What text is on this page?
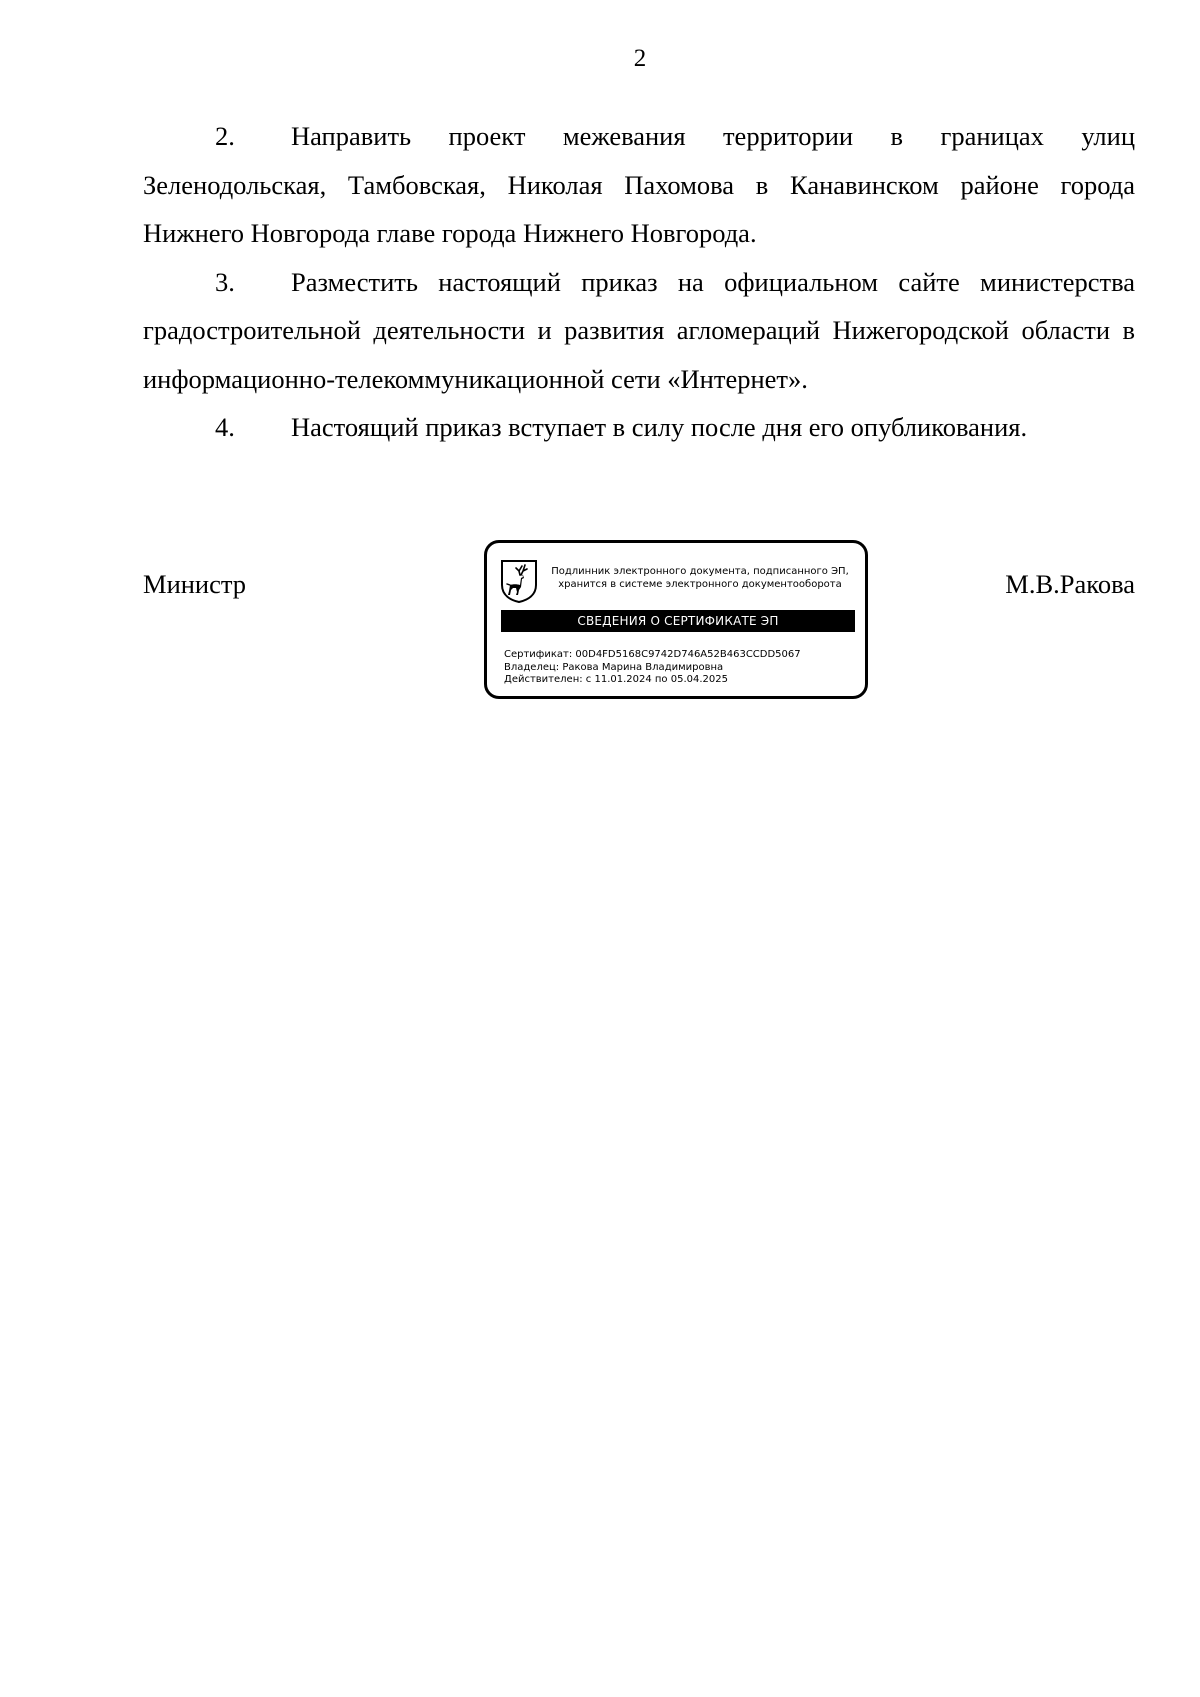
2

2. Направить проект межевания территории в границах улиц Зеленодольская, Тамбовская, Николая Пахомова в Канавинском районе города Нижнего Новгорода главе города Нижнего Новгорода.

3. Разместить настоящий приказ на официальном сайте министерства градостроительной деятельности и развития агломераций Нижегородской области в информационно-телекоммуникационной сети «Интернет».

4. Настоящий приказ вступает в силу после дня его опубликования.

Министр	Подлинник электронного документа, подписанного ЭП,
хранится в системе электронного документооборота
СВЕДЕНИЯ О СЕРТИФИКАТЕ ЭП
Сертификат: 00D4FD5168C9742D746A52B463CCDD5067
Владелец: Ракова Марина Владимировна
Действителен: с 11.01.2024 по 05.04.2025
М.В.Ракова
